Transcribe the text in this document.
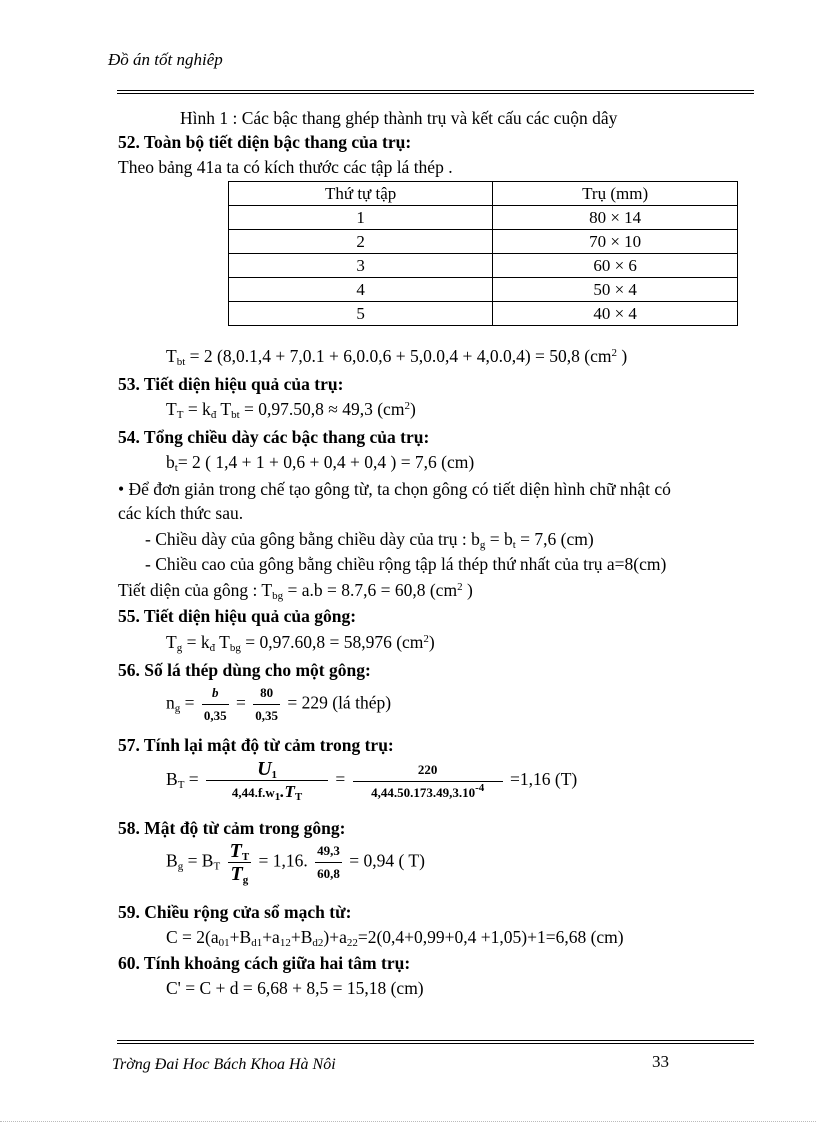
Đồ án tốt nghiêp
Hình 1 : Các bậc thang ghép thành trụ và kết cấu các cuộn dây
52. Toàn bộ tiết diện bậc thang của trụ:
Theo bảng 41a ta có kích thước các tập lá thép .
Thứ tự tập	Trụ (mm)
1	80 × 14
2	70 × 10
3	60 × 6
4	50 × 4
5	40 × 4
$T_{bt} = 2$ (8,0.1,4 + 7,0.1 + 6,0.0,6 + 5,0.0,4 + 4,0.0,4) = 50,8 ($cm^2$ )
53. Tiết diện hiệu quả của trụ:
$T_T = k_đ$ $T_{bt} = 0,97.50,8 \approx 49,3$ $(cm^2)$
54. Tổng chiều dày các bậc thang của trụ:
$b_t= 2$ ( 1,4 + 1 + 0,6 + 0,4 + 0,4 ) = 7,6 (cm)
• Để đơn giản trong chế tạo gông từ, ta chọn gông có tiết diện hình chữ nhật có
các kích thức sau.
- Chiều dày của gông bằng chiều dày của trụ : $b_g = b_t = 7,6$ (cm)
- Chiều cao của gông bằng chiều rộng tập lá thép thứ nhất của trụ a=8(cm)
Tiết diện của gông : $T_{bg} = a.b = 8.7,6 = 60,8$ ($cm^2$ )
55. Tiết diện hiệu quả của gông:
$T_g = k_đ$ $T_{bg} = 0,97.60,8 = 58,976$ $(cm^2)$
56. Số lá thép dùng cho một gông:
$n_g = \frac{b}{0,35} = \frac{80}{0,35} = 229$ (lá thép)
57. Tính lại mật độ từ cảm trong trụ:
$B_T = \frac{U_1}{4,44.f.w_1.T_T} = \frac{220}{4,44.50.173.49,3.10^{-4}} =1,16$ (T)
58. Mật độ từ cảm trong gông:
$B_g = B_T \frac{T_T}{T_g} = 1,16$. $\frac{49,3}{60,8} = 0,94$ ( T)
59. Chiều rộng cửa sổ mạch từ:
$C = 2(a_{01}+B_{d1}+a_{12}+B_{d2})+a_{22}=2(0,4+0,99+0,4 +1,05)+1=6,68$ (cm)
60. Tính khoảng cách giữa hai tâm trụ:
C' = C + d = 6,68 + 8,5 = 15,18 (cm)
Trờng Đai Hoc Bách Khoa Hà Nôi	33
